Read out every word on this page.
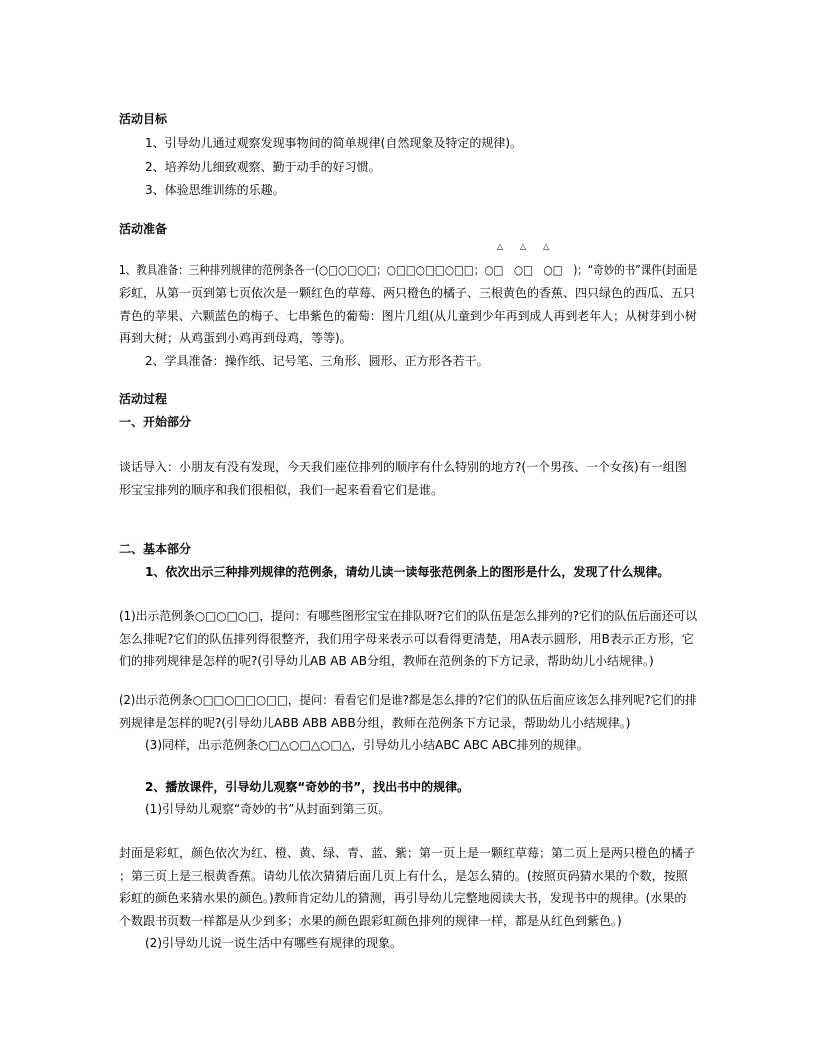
活动目标
1、引导幼儿通过观察发现事物间的简单规律(自然现象及特定的规律)。
2、培养幼儿细致观察、勤于动手的好习惯。
3、体验思维训练的乐趣。
活动准备
△ △ △
1、教具准备：三种排列规律的范例条各一(○□○□○□；○□□○□□○□□；○□　○□　○□　)；“奇妙的书”课件(封面是
彩虹，从第一页到第七页依次是一颗红色的草莓、两只橙色的橘子、三根黄色的香蕉、四只绿色的西瓜、五只
青色的苹果、六颗蓝色的梅子、七串紫色的葡萄：图片几组(从儿童到少年再到成人再到老年人；从树芽到小树
再到大树；从鸡蛋到小鸡再到母鸡，等等)。
2、学具准备：操作纸、记号笔、三角形、圆形、正方形各若干。
活动过程
一、开始部分
谈话导入：小朋友有没有发现，今天我们座位排列的顺序有什么特别的地方?(一个男孩、一个女孩)有一组图
形宝宝排列的顺序和我们很相似，我们一起来看看它们是谁。
二、基本部分
1、依次出示三种排列规律的范例条，请幼儿读一读每张范例条上的图形是什么，发现了什么规律。
(1)出示范例条○□○□○□，提问：有哪些图形宝宝在排队呀?它们的队伍是怎么排列的?它们的队伍后面还可以
怎么排呢?它们的队伍排列得很整齐，我们用字母来表示可以看得更清楚，用A表示圆形，用B表示正方形，它
们的排列规律是怎样的呢?(引导幼儿AB AB AB分组，教师在范例条的下方记录，帮助幼儿小结规律。)
(2)出示范例条○□□○□□○□□，提问：看看它们是谁?都是怎么排的?它们的队伍后面应该怎么排列呢?它们的排
列规律是怎样的呢?(引导幼儿ABB ABB ABB分组，教师在范例条下方记录，帮助幼儿小结规律。)
(3)同样，出示范例条○□△○□△○□△，引导幼儿小结ABC ABC ABC排列的规律。
2、播放课件，引导幼儿观察“奇妙的书”，找出书中的规律。
(1)引导幼儿观察“奇妙的书”从封面到第三页。
封面是彩虹，颜色依次为红、橙、黄、绿、青、蓝、紫；第一页上是一颗红草莓；第二页上是两只橙色的橘子
；第三页上是三根黄香蕉。请幼儿依次猜猜后面几页上有什么，是怎么猜的。(按照页码猜水果的个数，按照
彩虹的颜色来猜水果的颜色。)教师肯定幼儿的猜测，再引导幼儿完整地阅读大书，发现书中的规律。(水果的
个数跟书页数一样都是从少到多；水果的颜色跟彩虹颜色排列的规律一样，都是从红色到紫色。)
(2)引导幼儿说一说生活中有哪些有规律的现象。
